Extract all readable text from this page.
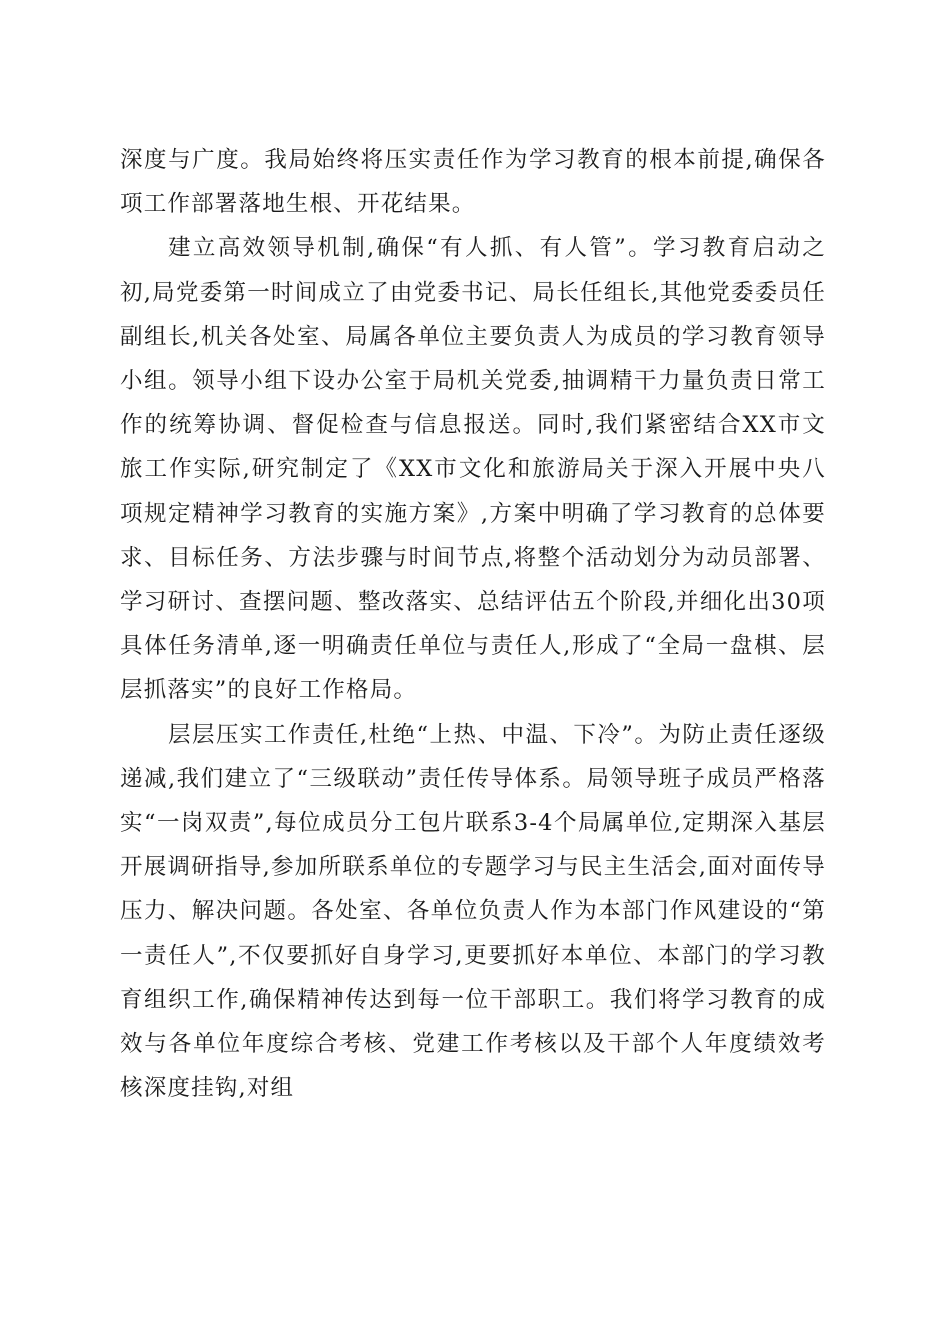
深度与广度。我局始终将压实责任作为学习教育的根本前提,确保各项工作部署落地生根、开花结果。

建立高效领导机制,确保“有人抓、有人管”。学习教育启动之初,局党委第一时间成立了由党委书记、局长任组长,其他党委委员任副组长,机关各处室、局属各单位主要负责人为成员的学习教育领导小组。领导小组下设办公室于局机关党委,抽调精干力量负责日常工作的统筹协调、督促检查与信息报送。同时,我们紧密结合XX市文旅工作实际,研究制定了《XX市文化和旅游局关于深入开展中央八项规定精神学习教育的实施方案》,方案中明确了学习教育的总体要求、目标任务、方法步骤与时间节点,将整个活动划分为动员部署、学习研讨、查摆问题、整改落实、总结评估五个阶段,并细化出30项具体任务清单,逐一明确责任单位与责任人,形成了“全局一盘棋、层层抓落实”的良好工作格局。

层层压实工作责任,杜绝“上热、中温、下冷”。为防止责任逐级递减,我们建立了“三级联动”责任传导体系。局领导班子成员严格落实“一岗双责”,每位成员分工包片联系3-4个局属单位,定期深入基层开展调研指导,参加所联系单位的专题学习与民主生活会,面对面传导压力、解决问题。各处室、各单位负责人作为本部门作风建设的“第一责任人”,不仅要抓好自身学习,更要抓好本单位、本部门的学习教育组织工作,确保精神传达到每一位干部职工。我们将学习教育的成效与各单位年度综合考核、党建工作考核以及干部个人年度绩效考核深度挂钩,对组
